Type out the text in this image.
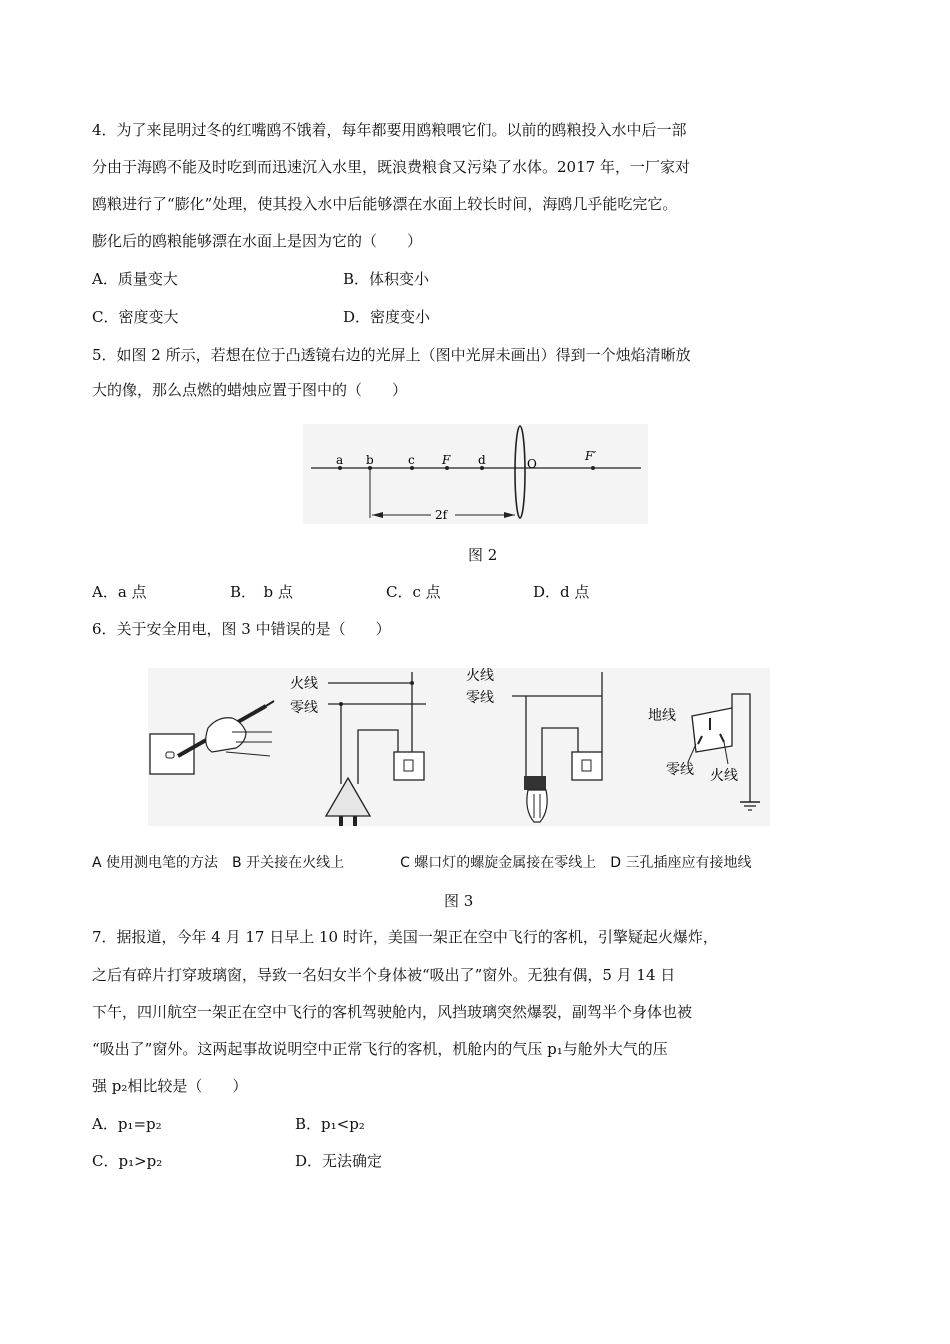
4．为了来昆明过冬的红嘴鸥不饿着，每年都要用鸥粮喂它们。以前的鸥粮投入水中后一部
分由于海鸥不能及时吃到而迅速沉入水里，既浪费粮食又污染了水体。2017 年，一厂家对
鸥粮进行了“膨化”处理，使其投入水中后能够漂在水面上较长时间，海鸥几乎能吃完它。
膨化后的鸥粮能够漂在水面上是因为它的（　　）
A．质量变大	B．体积变小
C．密度变大	D．密度变小
5．如图 2 所示，若想在位于凸透镜右边的光屏上（图中光屏未画出）得到一个烛焰清晰放
大的像，那么点燃的蜡烛应置于图中的（　　）
a b	c F d	O
F′
2f
图 2
A．a 点	B．　b 点	C．c 点	D．d 点
6．关于安全用电，图 3 中错误的是（　　）
火线
零线
火线
零线
地线
零线 火线
A 使用测电笔的方法　B 开关接在火线上　　　　C 螺口灯的螺旋金属接在零线上　D 三孔插座应有接地线
图 3
7．据报道，今年 4 月 17 日早上 10 时许，美国一架正在空中飞行的客机，引擎疑起火爆炸，
之后有碎片打穿玻璃窗，导致一名妇女半个身体被“吸出了”窗外。无独有偶，5 月 14 日
下午，四川航空一架正在空中飞行的客机驾驶舱内，风挡玻璃突然爆裂，副驾半个身体也被
“吸出了”窗外。这两起事故说明空中正常飞行的客机，机舱内的气压 p₁与舱外大气的压
强 p₂相比较是（　　）
A．p₁=p₂	B．p₁<p₂
C．p₁>p₂	D．无法确定
